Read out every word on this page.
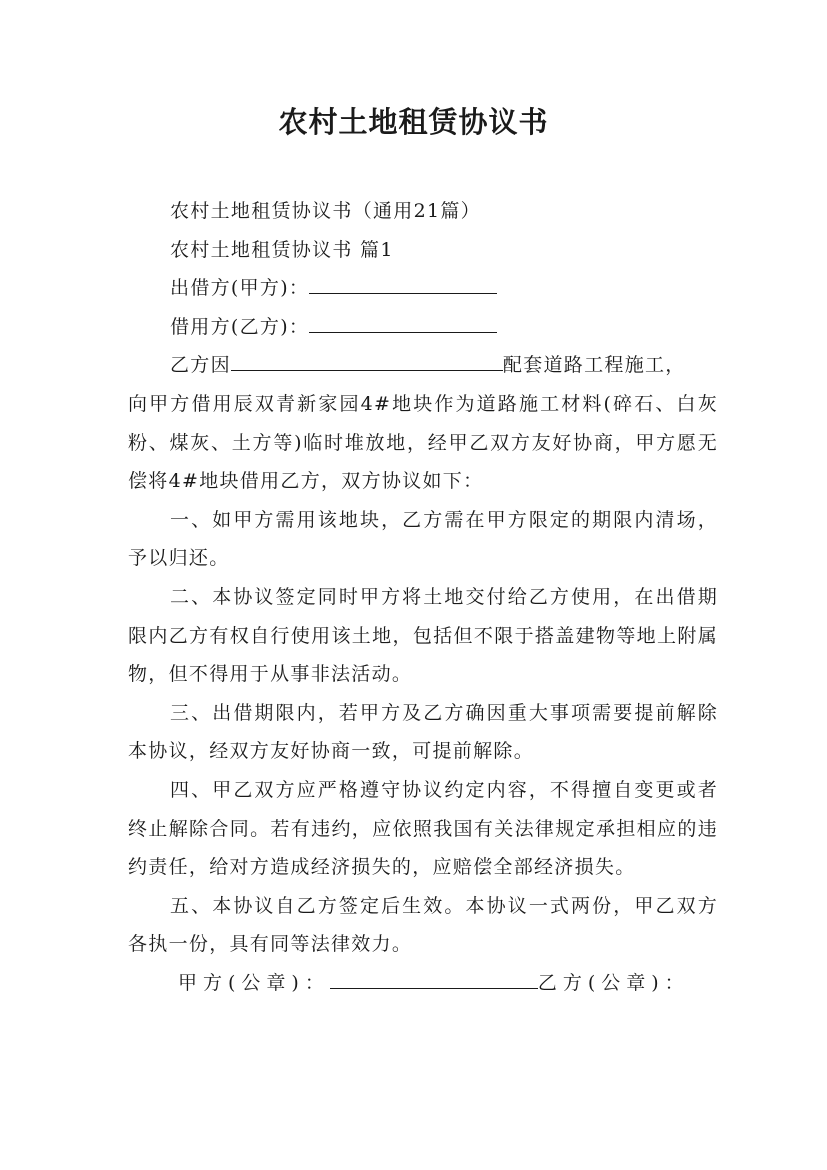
农村土地租赁协议书
农村土地租赁协议书（通用21篇）
农村土地租赁协议书 篇1
出借方(甲方)：
借用方(乙方)：
乙方因	配套道路工程施工，
向甲方借用辰双青新家园4#地块作为道路施工材料(碎石、白灰粉、煤灰、土方等)临时堆放地，经甲乙双方友好协商，甲方愿无偿将4#地块借用乙方，双方协议如下：
一、如甲方需用该地块，乙方需在甲方限定的期限内清场，予以归还。
二、本协议签定同时甲方将土地交付给乙方使用，在出借期限内乙方有权自行使用该土地，包括但不限于搭盖建物等地上附属物，但不得用于从事非法活动。
三、出借期限内，若甲方及乙方确因重大事项需要提前解除本协议，经双方友好协商一致，可提前解除。
四、甲乙双方应严格遵守协议约定内容，不得擅自变更或者终止解除合同。若有违约，应依照我国有关法律规定承担相应的违约责任，给对方造成经济损失的，应赔偿全部经济损失。
五、本协议自乙方签定后生效。本协议一式两份，甲乙双方各执一份，具有同等法律效力。
甲方(公章)：	乙方(公章)：
